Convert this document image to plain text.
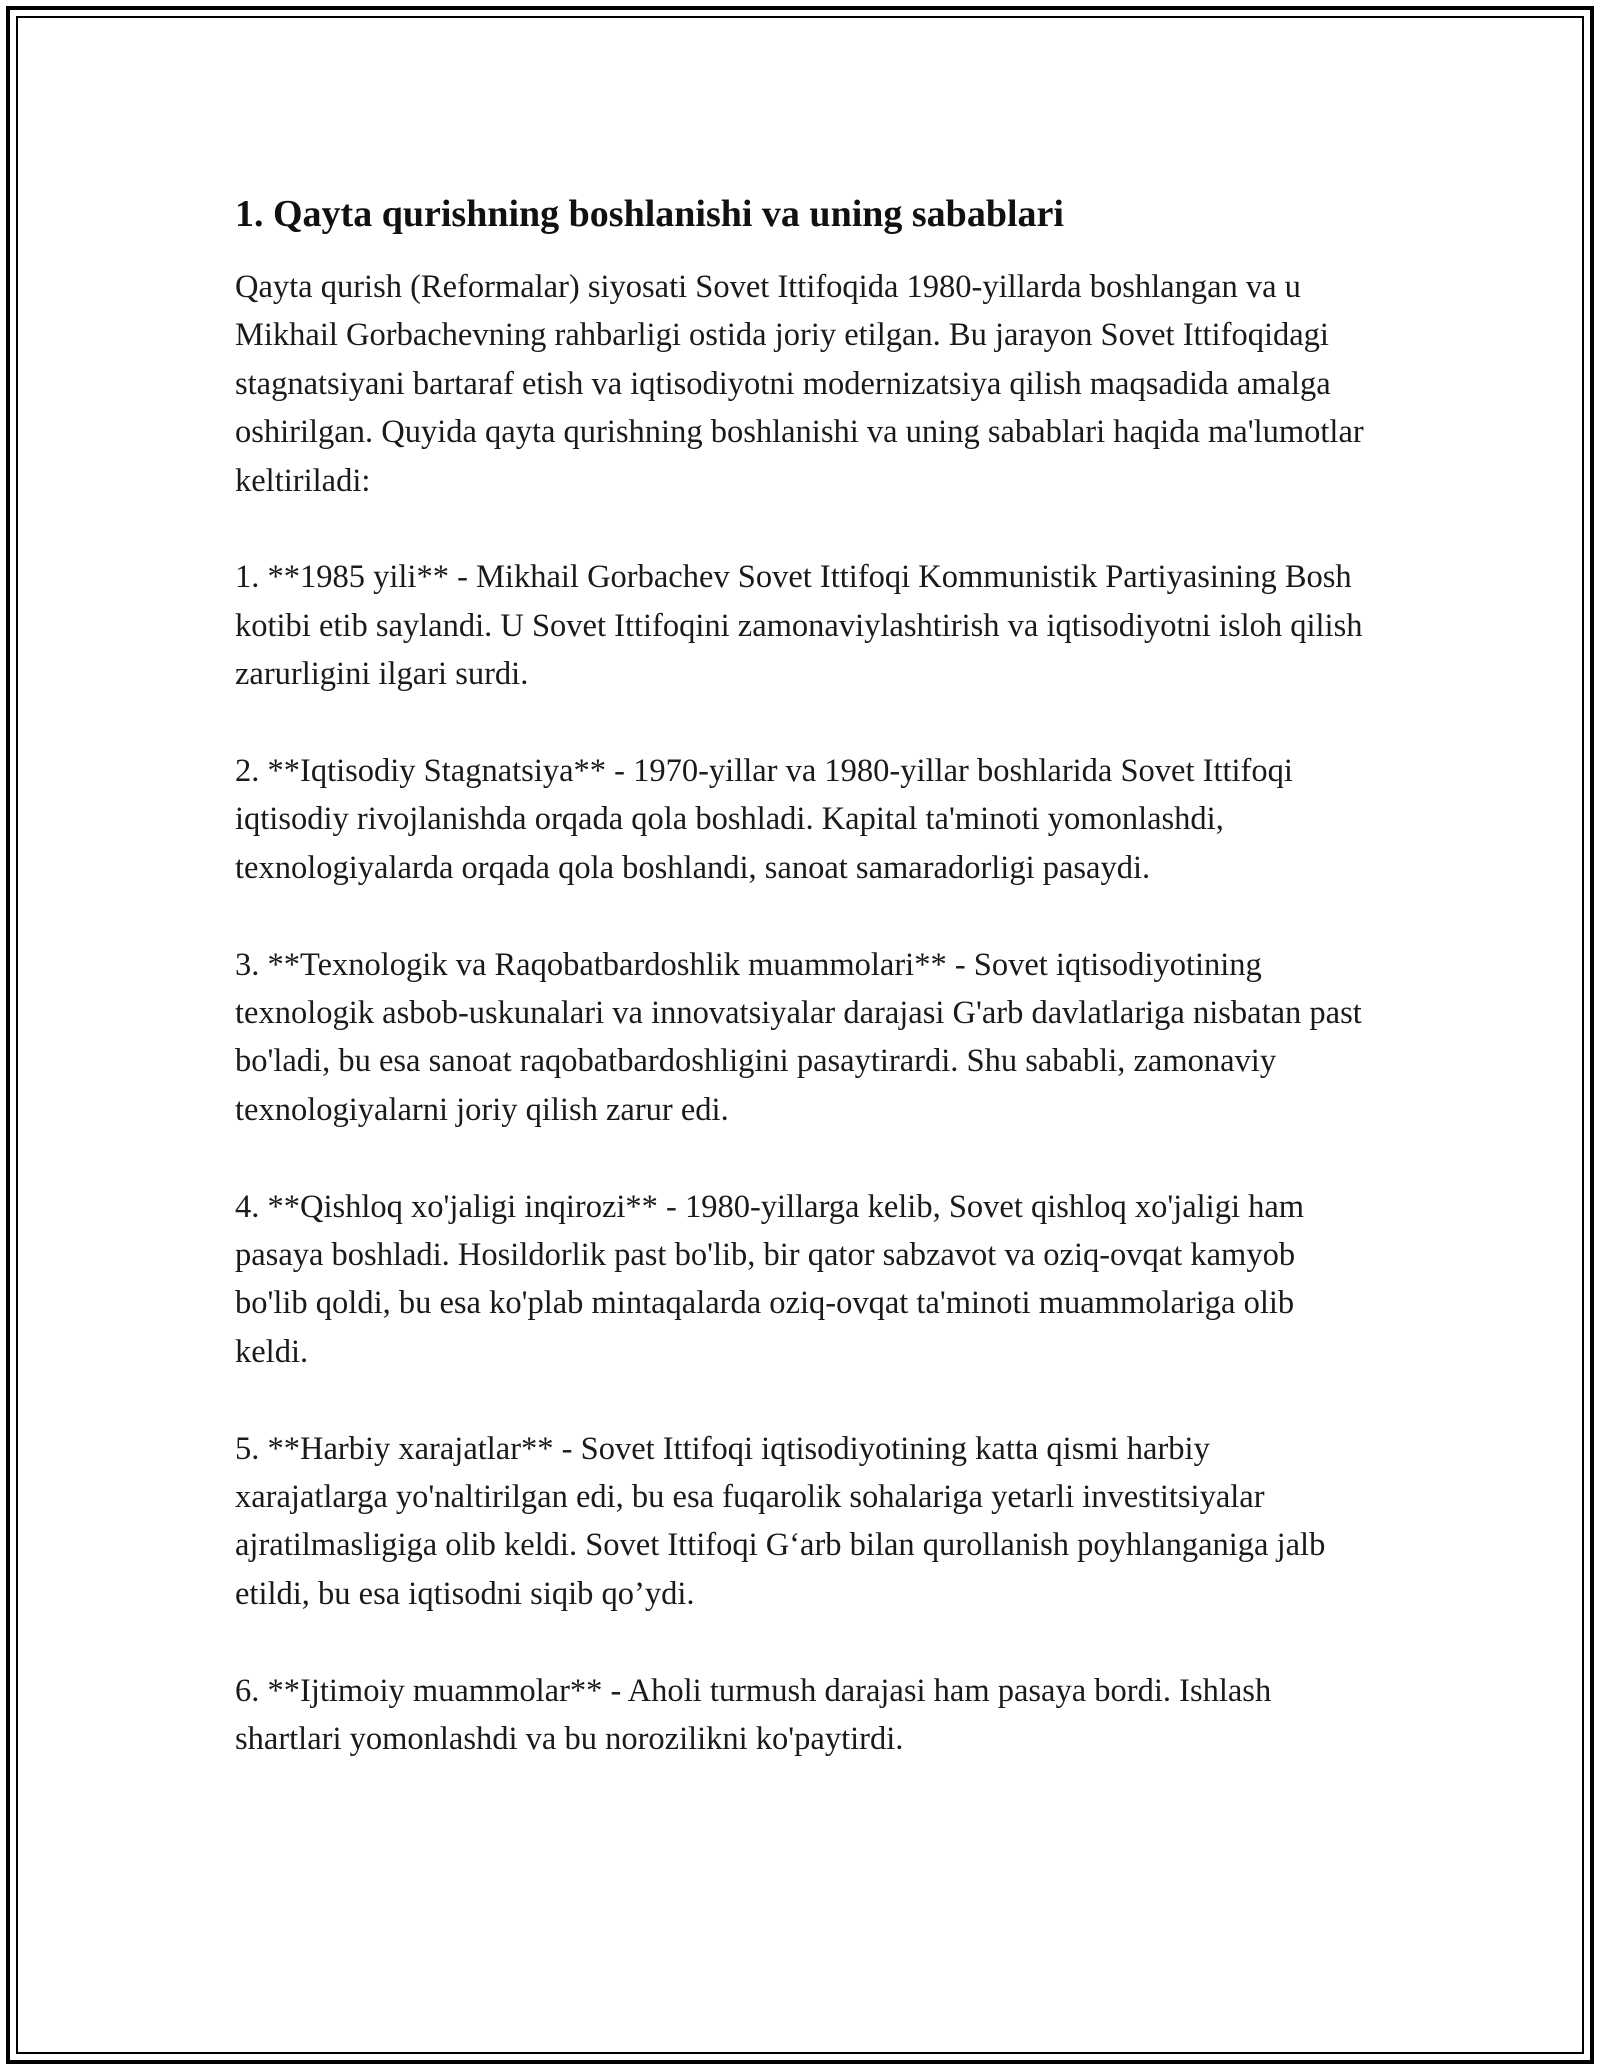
1. Qayta qurishning boshlanishi va uning sabablari

Qayta qurish (Reformalar) siyosati Sovet Ittifoqida 1980-yillarda boshlangan va u Mikhail Gorbachevning rahbarligi ostida joriy etilgan. Bu jarayon Sovet Ittifoqidagi stagnatsiyani bartaraf etish va iqtisodiyotni modernizatsiya qilish maqsadida amalga oshirilgan. Quyida qayta qurishning boshlanishi va uning sabablari haqida ma'lumotlar keltiriladi:

1. **1985 yili** - Mikhail Gorbachev Sovet Ittifoqi Kommunistik Partiyasining Bosh kotibi etib saylandi. U Sovet Ittifoqini zamonaviylashtirish va iqtisodiyotni isloh qilish zarurligini ilgari surdi.

2. **Iqtisodiy Stagnatsiya** - 1970-yillar va 1980-yillar boshlarida Sovet Ittifoqi iqtisodiy rivojlanishda orqada qola boshladi. Kapital ta'minoti yomonlashdi, texnologiyalarda orqada qola boshlandi, sanoat samaradorligi pasaydi.

3. **Texnologik va Raqobatbardoshlik muammolari** - Sovet iqtisodiyotining texnologik asbob-uskunalari va innovatsiyalar darajasi G'arb davlatlariga nisbatan past bo'ladi, bu esa sanoat raqobatbardoshligini pasaytirardi. Shu sababli, zamonaviy texnologiyalarni joriy qilish zarur edi.

4. **Qishloq xo'jaligi inqirozi** - 1980-yillarga kelib, Sovet qishloq xo'jaligi ham pasaya boshladi. Hosildorlik past bo'lib, bir qator sabzavot va oziq-ovqat kamyob bo'lib qoldi, bu esa ko'plab mintaqalarda oziq-ovqat ta'minoti muammolariga olib keldi.

5. **Harbiy xarajatlar** - Sovet Ittifoqi iqtisodiyotining katta qismi harbiy xarajatlarga yo'naltirilgan edi, bu esa fuqarolik sohalariga yetarli investitsiyalar ajratilmasligiga olib keldi. Sovet Ittifoqi G‘arb bilan qurollanish poyhlanganiga jalb etildi, bu esa iqtisodni siqib qo’ydi.

6. **Ijtimoiy muammolar** - Aholi turmush darajasi ham pasaya bordi. Ishlash shartlari yomonlashdi va bu norozilikni ko'paytirdi.
